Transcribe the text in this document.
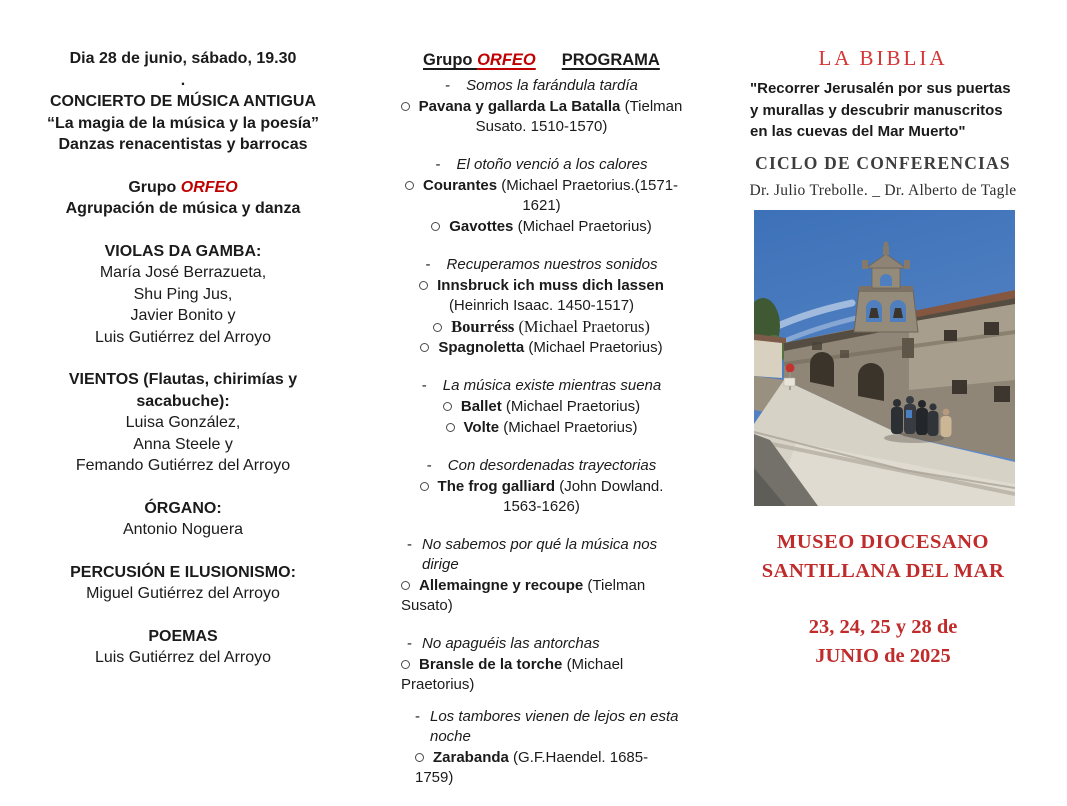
Dia 28 de junio, sábado, 19.30
.
CONCIERTO DE MÚSICA ANTIGUA
“La magia de la música y la poesía”
Danzas renacentistas y barrocas
Grupo ORFEO
Agrupación de música y danza
VIOLAS DA GAMBA:
María José Berrazueta,
Shu Ping Jus,
Javier Bonito y
Luis Gutiérrez del Arroyo
VIENTOS (Flautas, chirimías y sacabuche):
Luisa González,
Anna Steele y
Femando Gutiérrez del Arroyo
ÓRGANO:
Antonio Noguera
PERCUSIÓN E ILUSIONISMO:
Miguel Gutiérrez del Arroyo
POEMAS
Luis Gutiérrez del Arroyo
Grupo ORFEO PROGRAMA
- Somos la farándula tardía
Pavana y gallarda La Batalla (Tielman Susato. 1510-1570)
- El otoño venció a los calores
Courantes (Michael Praetorius.(1571-1621)
Gavottes (Michael Praetorius)
- Recuperamos nuestros sonidos
Innsbruck ich muss dich lassen (Heinrich Isaac. 1450-1517)
Bourréss (Michael Praetorus)
Spagnoletta (Michael Praetorius)
- La música existe mientras suena
Ballet (Michael Praetorius)
Volte (Michael Praetorius)
- Con desordenadas trayectorias
The frog galliard (John Dowland. 1563-1626)
- No sabemos por qué la música nos dirige
Allemaingne y recoupe (Tielman Susato)
- No apaguéis las antorchas
Bransle de la torche (Michael Praetorius)
- Los tambores vienen de lejos en esta noche
Zarabanda (G.F.Haendel. 1685-1759)
LA BIBLIA
"Recorrer Jerusalén por sus puertas y murallas y descubrir manuscritos en las cuevas del Mar Muerto"
CICLO DE CONFERENCIAS
Dr. Julio Trebolle. _ Dr. Alberto de Tagle
MUSEO DIOCESANO
SANTILLANA DEL MAR
23, 24, 25 y 28 de
JUNIO de 2025
